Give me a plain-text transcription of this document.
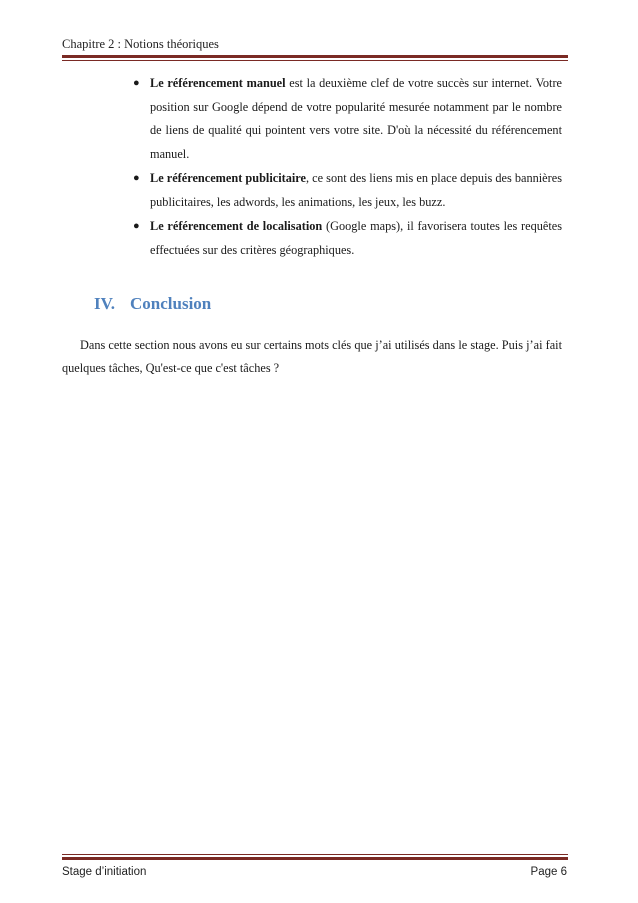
Chapitre 2 : Notions théoriques
● Le référencement manuel est la deuxième clef de votre succès sur internet. Votre position sur Google dépend de votre popularité mesurée notamment par le nombre de liens de qualité qui pointent vers votre site. D'où la nécessité du référencement manuel.
● Le référencement publicitaire, ce sont des liens mis en place depuis des bannières publicitaires, les adwords, les animations, les jeux, les buzz.
● Le référencement de localisation (Google maps), il favorisera toutes les requêtes effectuées sur des critères géographiques.
IV. Conclusion

Dans cette section nous avons eu sur certains mots clés que j’ai utilisés dans le stage. Puis j’ai fait quelques tâches, Qu'est-ce que c'est tâches ?

Stage d’initiation	Page 6
